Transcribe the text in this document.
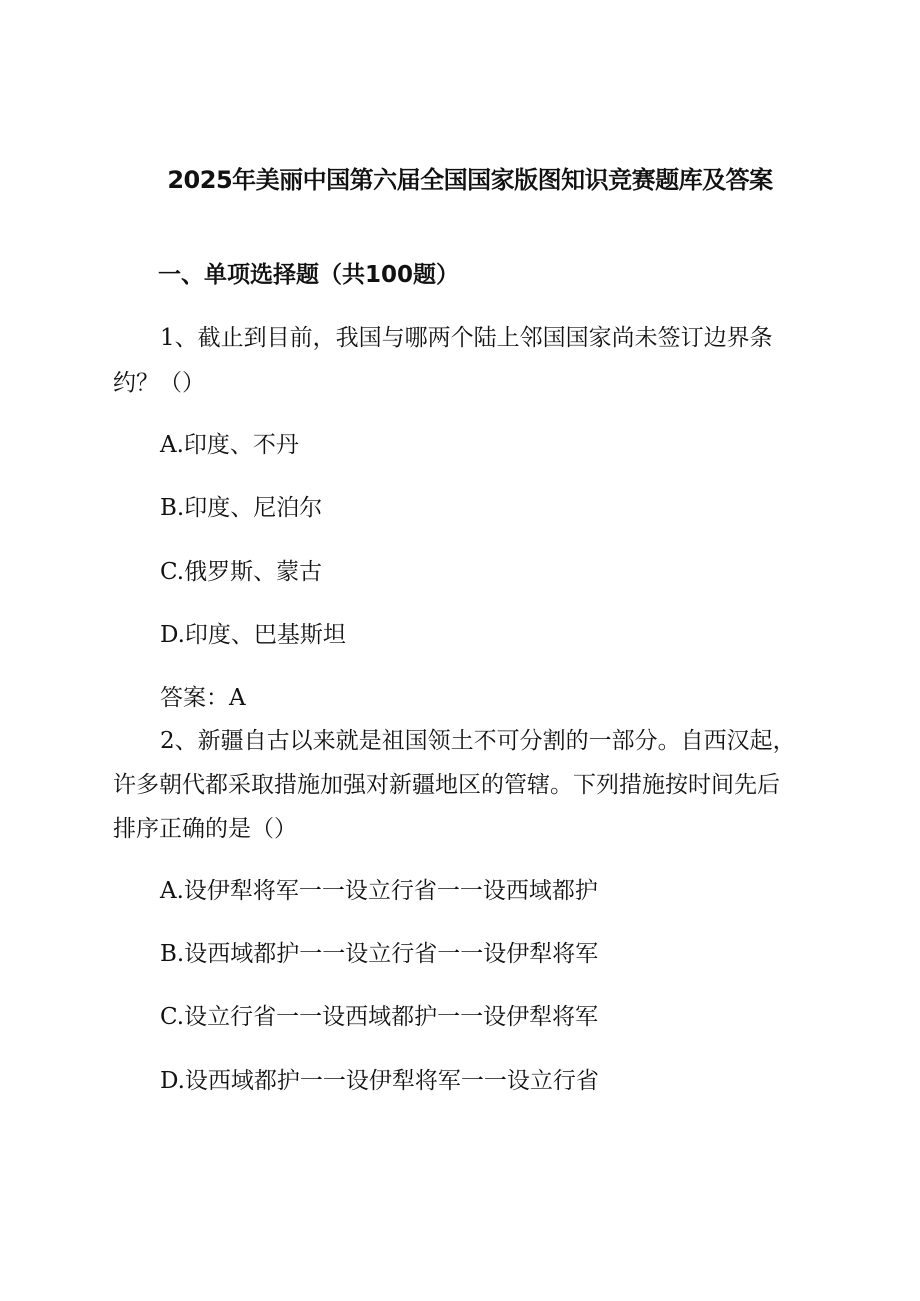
2025年美丽中国第六届全国国家版图知识竞赛题库及答案
一、单项选择题（共100题）
1、截止到目前，我国与哪两个陆上邻国国家尚未签订边界条
约？（）
A.印度、不丹
B.印度、尼泊尔
C.俄罗斯、蒙古
D.印度、巴基斯坦
答案：A
2、新疆自古以来就是祖国领土不可分割的一部分。自西汉起，
许多朝代都采取措施加强对新疆地区的管辖。下列措施按时间先后
排序正确的是（）
A.设伊犁将军一一设立行省一一设西域都护
B.设西域都护一一设立行省一一设伊犁将军
C.设立行省一一设西域都护一一设伊犁将军
D.设西域都护一一设伊犁将军一一设立行省
